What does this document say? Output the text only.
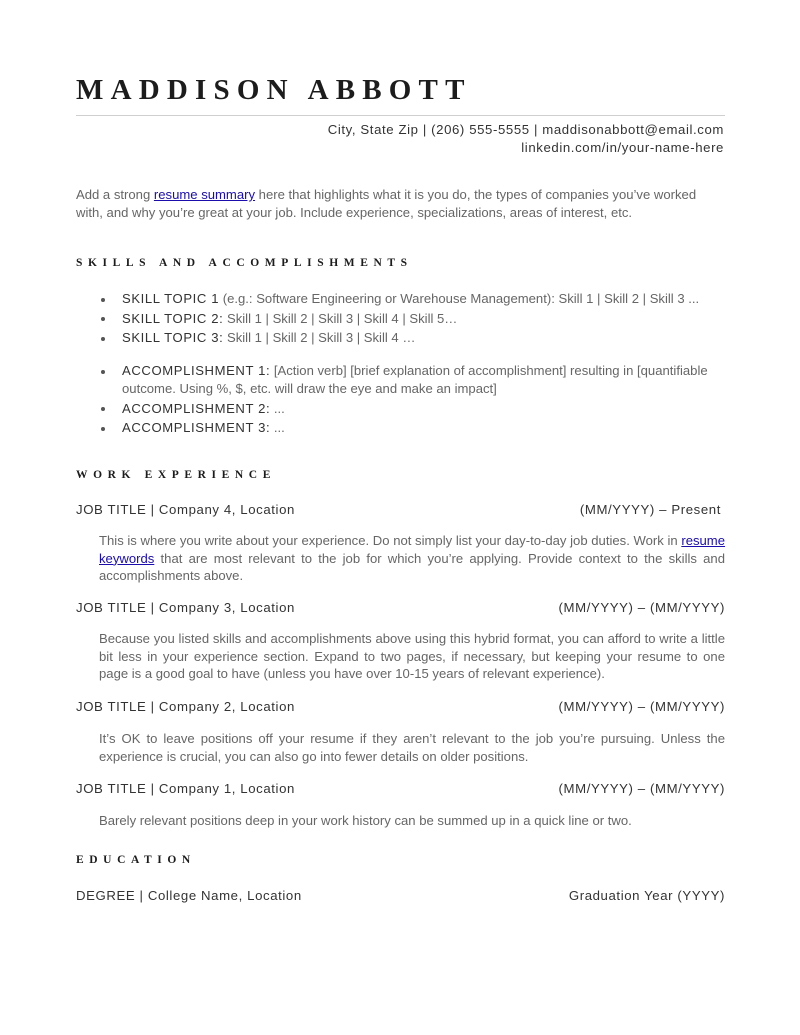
MADDISON ABBOTT
City, State Zip | (206) 555-5555 | maddisonabbott@email.com
linkedin.com/in/your-name-here
Add a strong resume summary here that highlights what it is you do, the types of companies you’ve worked with, and why you’re great at your job. Include experience, specializations, areas of interest, etc.
SKILLS AND ACCOMPLISHMENTS
SKILL TOPIC 1 (e.g.: Software Engineering or Warehouse Management): Skill 1 | Skill 2 | Skill 3 ...
SKILL TOPIC 2: Skill 1 | Skill 2 | Skill 3 | Skill 4 | Skill 5…
SKILL TOPIC 3: Skill 1 | Skill 2 | Skill 3 | Skill 4 …
ACCOMPLISHMENT 1: [Action verb] [brief explanation of accomplishment] resulting in [quantifiable outcome. Using %, $, etc. will draw the eye and make an impact]
ACCOMPLISHMENT 2: ...
ACCOMPLISHMENT 3: ...
WORK EXPERIENCE
JOB TITLE | Company 4, Location	(MM/YYYY) – Present
This is where you write about your experience. Do not simply list your day-to-day job duties. Work in resume keywords that are most relevant to the job for which you’re applying. Provide context to the skills and accomplishments above.
JOB TITLE | Company 3, Location	(MM/YYYY) – (MM/YYYY)
Because you listed skills and accomplishments above using this hybrid format, you can afford to write a little bit less in your experience section. Expand to two pages, if necessary, but keeping your resume to one page is a good goal to have (unless you have over 10-15 years of relevant experience).
JOB TITLE | Company 2, Location	(MM/YYYY) – (MM/YYYY)
It’s OK to leave positions off your resume if they aren’t relevant to the job you’re pursuing. Unless the experience is crucial, you can also go into fewer details on older positions.
JOB TITLE | Company 1, Location	(MM/YYYY) – (MM/YYYY)
Barely relevant positions deep in your work history can be summed up in a quick line or two.
EDUCATION
DEGREE | College Name, Location	Graduation Year (YYYY)
